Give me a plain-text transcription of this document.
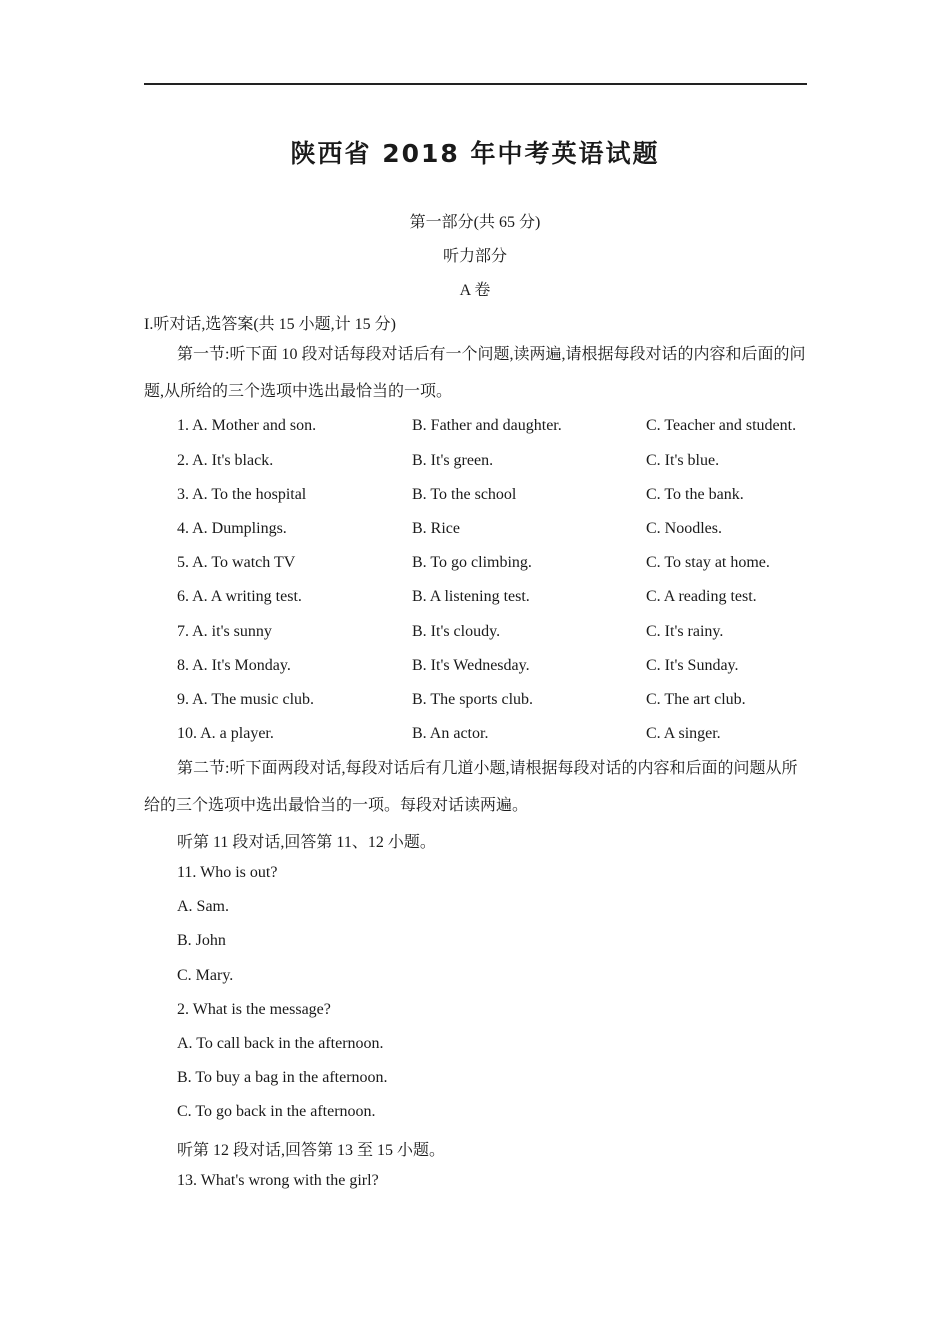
陕西省 2018 年中考英语试题
第一部分(共 65 分)
听力部分
A 卷
I.听对话,选答案(共 15 小题,计 15 分)
第一节:听下面 10 段对话每段对话后有一个问题,读两遍,请根据每段对话的内容和后面的问题,从所给的三个选项中选出最恰当的一项。
1. A. Mother and son.	B. Father and daughter.	C. Teacher and student.
2. A. It's black.	B. It's green.	C. It's blue.
3. A. To the hospital	B. To the school	C. To the bank.
4. A. Dumplings.	B. Rice	C. Noodles.
5. A. To watch TV	B. To go climbing.	C. To stay at home.
6. A. A writing test.	B. A listening test.	C. A reading test.
7. A. it's sunny	B. It's cloudy.	C. It's rainy.
8. A. It's Monday.	B. It's Wednesday.	C. It's Sunday.
9. A. The music club.	B. The sports club.	C. The art club.
10. A. a player.	B. An actor.	C. A singer.
第二节:听下面两段对话,每段对话后有几道小题,请根据每段对话的内容和后面的问题从所给的三个选项中选出最恰当的一项。每段对话读两遍。
听第 11 段对话,回答第 11、12 小题。
11. Who is out?
A. Sam.
B. John
C. Mary.
2. What is the message?
A. To call back in the afternoon.
B. To buy a bag in the afternoon.
C. To go back in the afternoon.
听第 12 段对话,回答第 13 至 15 小题。
13. What's wrong with the girl?
